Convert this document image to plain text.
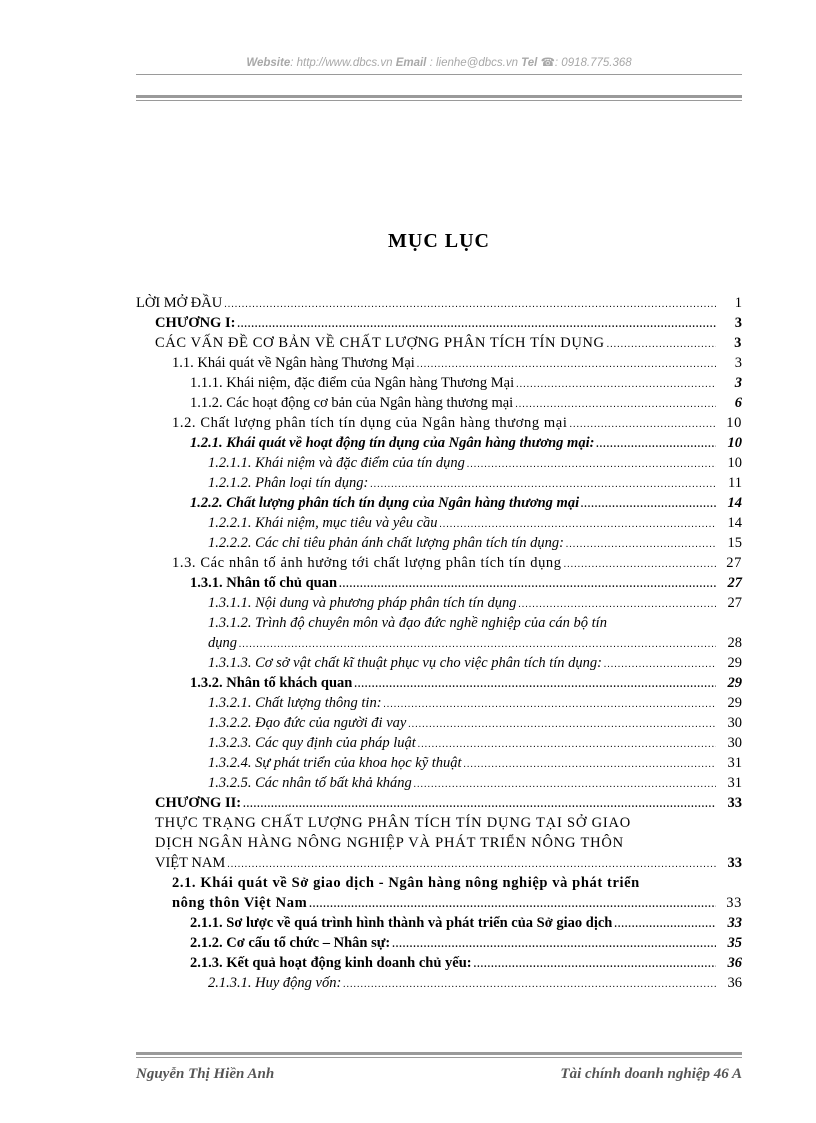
Website: http://www.dbcs.vn Email : lienhe@dbcs.vn Tel ☎: 0918.775.368
MỤC LỤC
LỜI MỞ ĐẦU .....	1
CHƯƠNG I: .....	3
CÁC VẤN ĐỀ CƠ BẢN VỀ CHẤT LƯỢNG PHÂN TÍCH TÍN DỤNG .....	3
1.1. Khái quát về Ngân hàng Thương Mại .....	3
1.1.1. Khái niệm, đặc điểm của Ngân hàng Thương Mại .....	3
1.1.2. Các hoạt động cơ bản của Ngân hàng thương mại .....	6
1.2. Chất lượng phân tích tín dụng của Ngân hàng thương mại .....	10
1.2.1. Khái quát về hoạt động tín dụng của Ngân hàng thương mại: .....	10
1.2.1.1. Khái niệm và đặc điểm của tín dụng .....	10
1.2.1.2. Phân loại tín dụng: .....	11
1.2.2. Chất lượng phân tích tín dụng của Ngân hàng thương mại .....	14
1.2.2.1. Khái niệm, mục tiêu và yêu cầu .....	14
1.2.2.2. Các chỉ tiêu phản ánh chất lượng phân tích tín dụng: .....	15
1.3. Các nhân tố ảnh hưởng tới chất lượng phân tích tín dụng .....	27
1.3.1. Nhân tố chủ quan .....	27
1.3.1.1. Nội dung và phương pháp phân tích tín dụng .....	27
1.3.1.2. Trình độ chuyên môn và đạo đức nghề nghiệp của cán bộ tín
dụng .....	28
1.3.1.3. Cơ sở vật chất kĩ thuật phục vụ cho việc phân tích tín dụng: .....	29
1.3.2. Nhân tố khách quan .....	29
1.3.2.1. Chất lượng thông tin: .....	29
1.3.2.2. Đạo đức của người đi vay .....	30
1.3.2.3. Các quy định của pháp luật .....	30
1.3.2.4. Sự phát triển của khoa học kỹ thuật .....	31
1.3.2.5. Các nhân tố bất khả kháng .....	31
CHƯƠNG II: .....	33
THỰC TRẠNG CHẤT LƯỢNG PHÂN TÍCH TÍN DỤNG TẠI SỞ GIAO
DỊCH NGÂN HÀNG NÔNG NGHIỆP VÀ PHÁT TRIỂN NÔNG THÔN
VIỆT NAM .....	33
2.1. Khái quát về Sở giao dịch - Ngân hàng nông nghiệp và phát triển
nông thôn Việt Nam .....	33
2.1.1. Sơ lược về quá trình hình thành và phát triển của Sở giao dịch .....	33
2.1.2. Cơ cấu tổ chức – Nhân sự: .....	35
2.1.3. Kết quả hoạt động kinh doanh chủ yếu: .....	36
2.1.3.1. Huy động vốn: .....	36
Nguyễn Thị Hiền Anh	Tài chính doanh nghiệp 46 A
